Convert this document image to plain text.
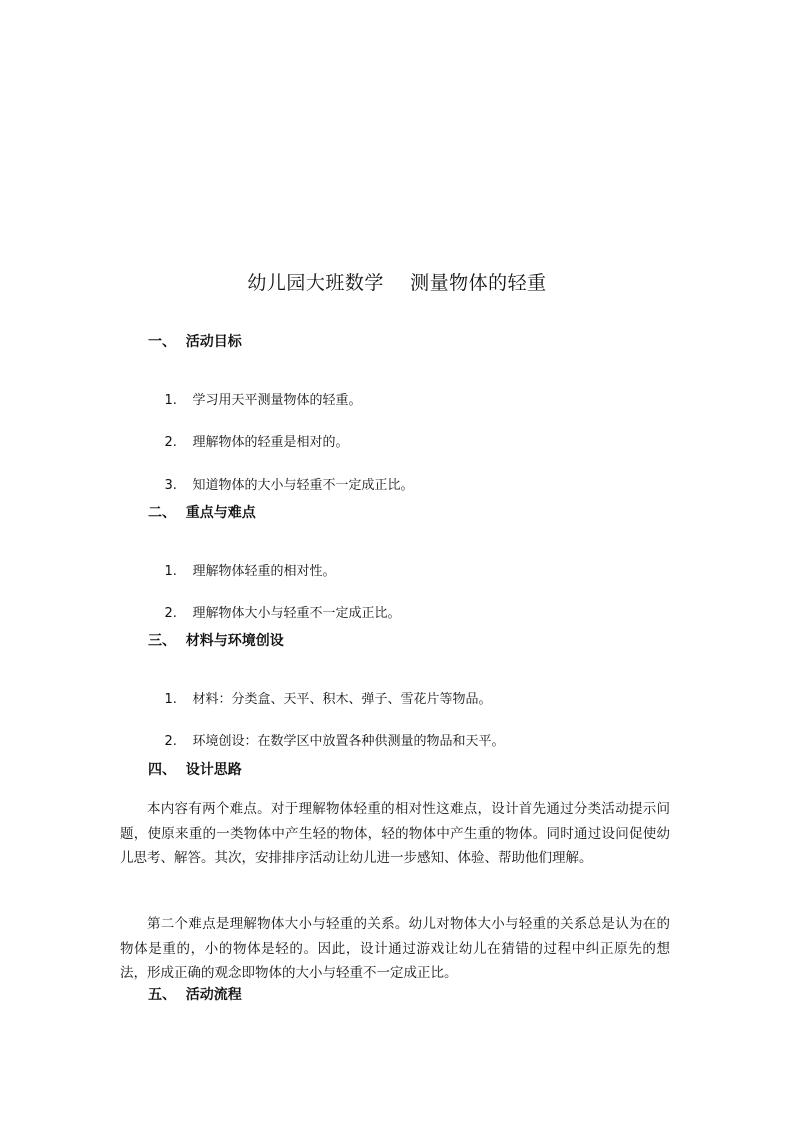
幼儿园大班数学    测量物体的轻重
一、  活动目标

1. 学习用天平测量物体的轻重。

2. 理解物体的轻重是相对的。

3. 知道物体的大小与轻重不一定成正比。

二、  重点与难点

1. 理解物体轻重的相对性。

2. 理解物体大小与轻重不一定成正比。

三、  材料与环境创设

1. 材料：分类盒、天平、积木、弹子、雪花片等物品。

2. 环境创设：在数学区中放置各种供测量的物品和天平。

四、  设计思路
本内容有两个难点。对于理解物体轻重的相对性这难点，设计首先通过分类活动提示问题，使原来重的一类物体中产生轻的物体，轻的物体中产生重的物体。同时通过设问促使幼儿思考、解答。其次，安排排序活动让幼儿进一步感知、体验、帮助他们理解。
第二个难点是理解物体大小与轻重的关系。幼儿对物体大小与轻重的关系总是认为在的物体是重的，小的物体是轻的。因此，设计通过游戏让幼儿在猜错的过程中纠正原先的想法，形成正确的观念即物体的大小与轻重不一定成正比。
五、  活动流程
